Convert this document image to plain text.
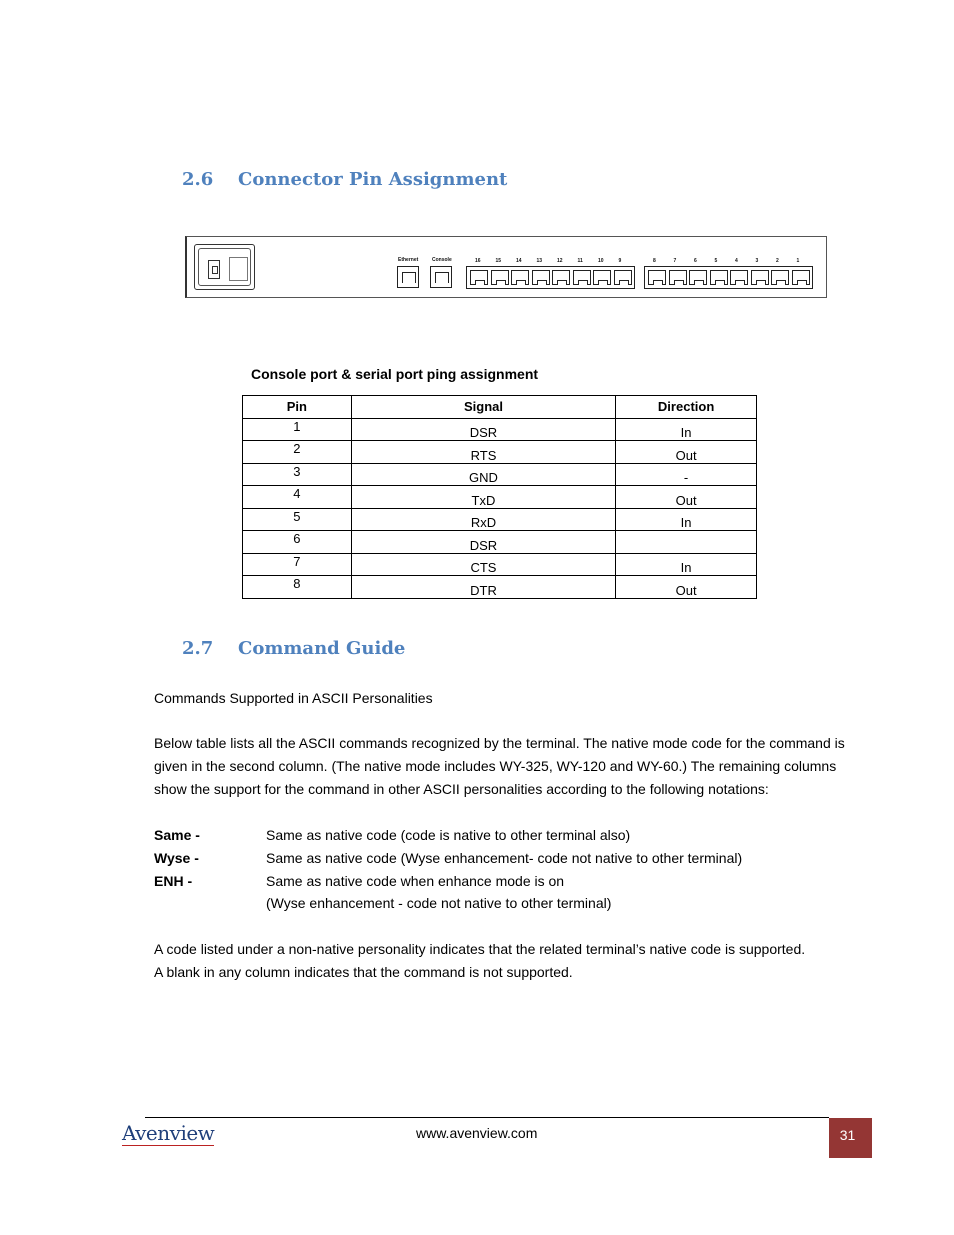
2.6 Connector Pin Assignment
Ethernet	Console	16	15	14	13	12	11	10	9	8	7	6	5	4	3	2	1
Console port & serial port ping assignment
Pin	Signal	Direction
1	DSR	In
2	RTS	Out
3	GND	-
4	TxD	Out
5	RxD	In
6	DSR	
7	CTS	In
8	DTR	Out
2.7 Command Guide

Commands Supported in ASCII Personalities

Below table lists all the ASCII commands recognized by the terminal. The native mode code for the command is
given in the second column. (The native mode includes WY-325, WY-120 and WY-60.) The remaining columns
show the support for the command in other ASCII personalities according to the following notations:

Same -	Same as native code (code is native to other terminal also)
Wyse -	Same as native code (Wyse enhancement- code not native to other terminal)
ENH -	Same as native code when enhance mode is on
(Wyse enhancement - code not native to other terminal)

A code listed under a non-native personality indicates that the related terminal’s native code is supported.
A blank in any column indicates that the command is not supported.

Avenview	www.avenview.com	31
